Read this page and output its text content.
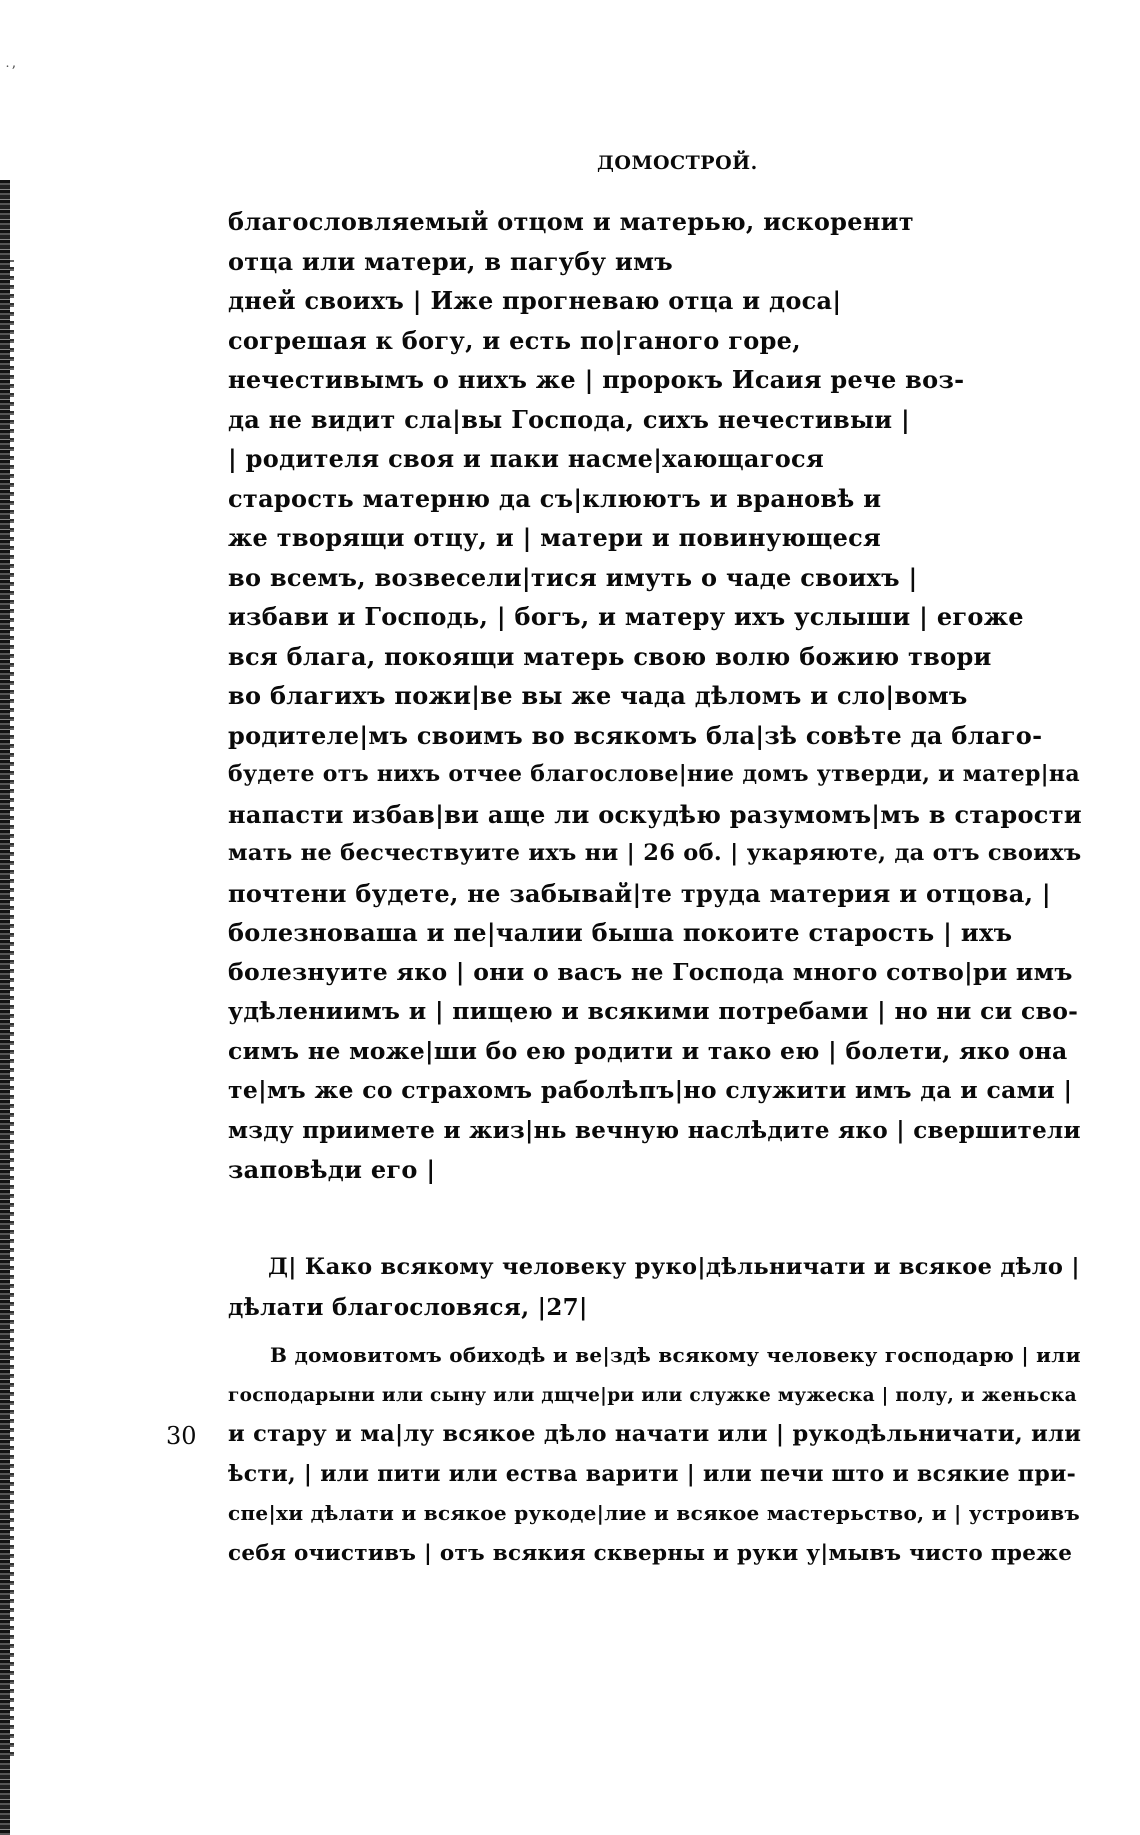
˙ʼ
ДОМОСТРОЙ.
благословляемый отцом и матерью, искоренит
отца или матери, в пагубу имъ
дней своихъ | Иже прогневаю отца и доса|
согрешая к богу, и есть по|ганого горе,
нечестивымъ о нихъ же | пророкъ Исаия рече воз-
да не видит сла|вы Господа, сихъ нечестивыи |
| родителя своя и паки насме|хающагося
старость матерню да съ|клюютъ и врановѣ и
же творящи отцу, и | матери и повинующеся
во всемъ, возвесели|тися имуть о чаде своихъ |
избави и Господь, | богъ, и матеру ихъ услыши | егоже
вся блага, покоящи матерь свою волю божию твори
во благихъ пожи|ве вы же чада дѣломъ и сло|вомъ
родителе|мъ своимъ во всякомъ бла|зѣ совѣте да благо-
будете отъ нихъ отчее благослове|ние домъ утверди, и матер|на
напасти избав|ви аще ли оскудѣю разумомъ|мъ в старости
мать не бесчествуите ихъ ни | 26 об. | укаряюте, да отъ своихъ
почтени будете, не забывай|те труда материя и отцова, |
болезноваша и пе|чалии быша покоите старость | ихъ
болезнуите яко | они о васъ не Господа много сотво|ри имъ
удѣлениимъ и | пищею и всякими потребами | но ни си сво-
симъ не може|ши бо ею родити и тако ею | болети, яко она
те|мъ же со страхомъ раболѣпъ|но служити имъ да и сами |
мзду приимете и жиз|нь вечную наслѣдите яко | свершители
заповѣди его |
Д| Како всякому человеку руко|дѣльничати и всякое дѣло |
дѣлати благословяся, |27|
В домовитомъ обиходѣ и ве|здѣ всякому человеку господарю | или
господарыни или сыну или дщче|ри или служке мужеска | полу, и женьска
и стару и ма|лу всякое дѣло начати или | рукодѣльничати, или
ѣсти, | или пити или ества варити | или печи што и всякие при-
спе|хи дѣлати и всякое рукоде|лие и всякое мастерьство, и | устроивъ
себя очистивъ | отъ всякия скверны и руки у|мывъ чисто преже
30
